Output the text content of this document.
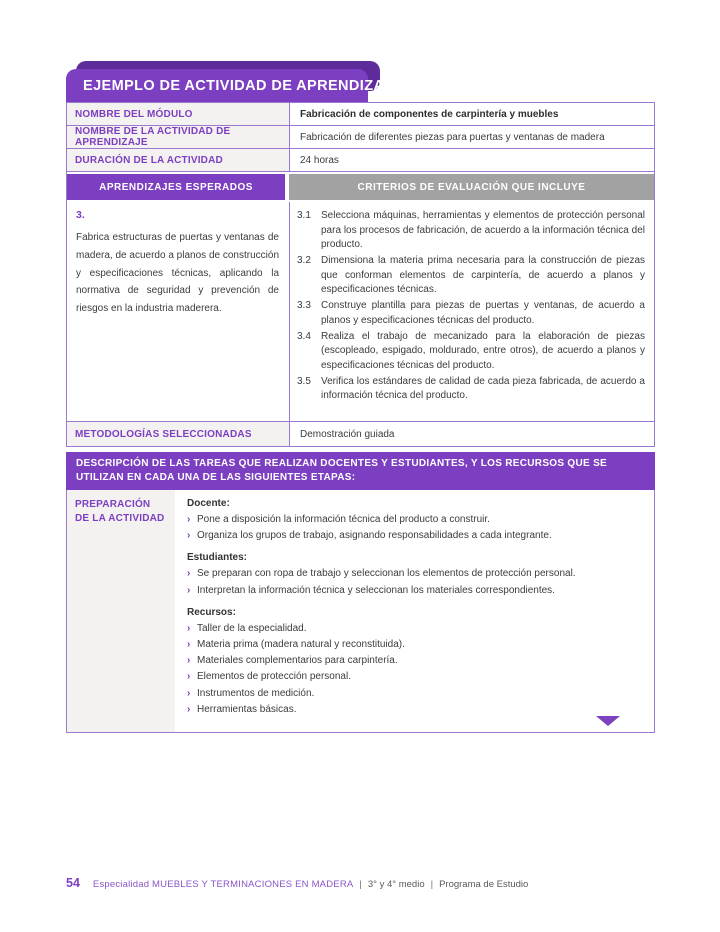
EJEMPLO DE ACTIVIDAD DE APRENDIZAJE
NOMBRE DEL MÓDULO	Fabricación de componentes de carpintería y muebles
NOMBRE DE LA ACTIVIDAD DE APRENDIZAJE	Fabricación de diferentes piezas para puertas y ventanas de madera
DURACIÓN DE LA ACTIVIDAD	24 horas
APRENDIZAJES ESPERADOS	CRITERIOS DE EVALUACIÓN QUE INCLUYE
3.

Fabrica estructuras de puertas y ventanas de madera, de acuerdo a planos de construcción y especificaciones técnicas, aplicando la normativa de seguridad y prevención de riesgos en la industria maderera.

3.1	Selecciona máquinas, herramientas y elementos de protección personal para los procesos de fabricación, de acuerdo a la información técnica del producto.
3.2	Dimensiona la materia prima necesaria para la construcción de piezas que conforman elementos de carpintería, de acuerdo a planos y especificaciones técnicas.
3.3	Construye plantilla para piezas de puertas y ventanas, de acuerdo a planos y especificaciones técnicas del producto.
3.4	Realiza el trabajo de mecanizado para la elaboración de piezas (escopleado, espigado, moldurado, entre otros), de acuerdo a planos y especificaciones técnicas del producto.
3.5	Verifica los estándares de calidad de cada pieza fabricada, de acuerdo a información técnica del producto.
METODOLOGÍAS SELECCIONADAS	Demostración guiada
DESCRIPCIÓN DE LAS TAREAS QUE REALIZAN DOCENTES Y ESTUDIANTES, Y LOS RECURSOS QUE SE UTILIZAN EN CADA UNA DE LAS SIGUIENTES ETAPAS:
PREPARACIÓN DE LA ACTIVIDAD
Docente:
› Pone a disposición la información técnica del producto a construir.
› Organiza los grupos de trabajo, asignando responsabilidades a cada integrante.
Estudiantes:
› Se preparan con ropa de trabajo y seleccionan los elementos de protección personal.
› Interpretan la información técnica y seleccionan los materiales correspondientes.
Recursos:
› Taller de la especialidad.
› Materia prima (madera natural y reconstituida).
› Materiales complementarios para carpintería.
› Elementos de protección personal.
› Instrumentos de medición.
› Herramientas básicas.
54 Especialidad MUEBLES Y TERMINACIONES EN MADERA | 3° y 4° medio | Programa de Estudio
